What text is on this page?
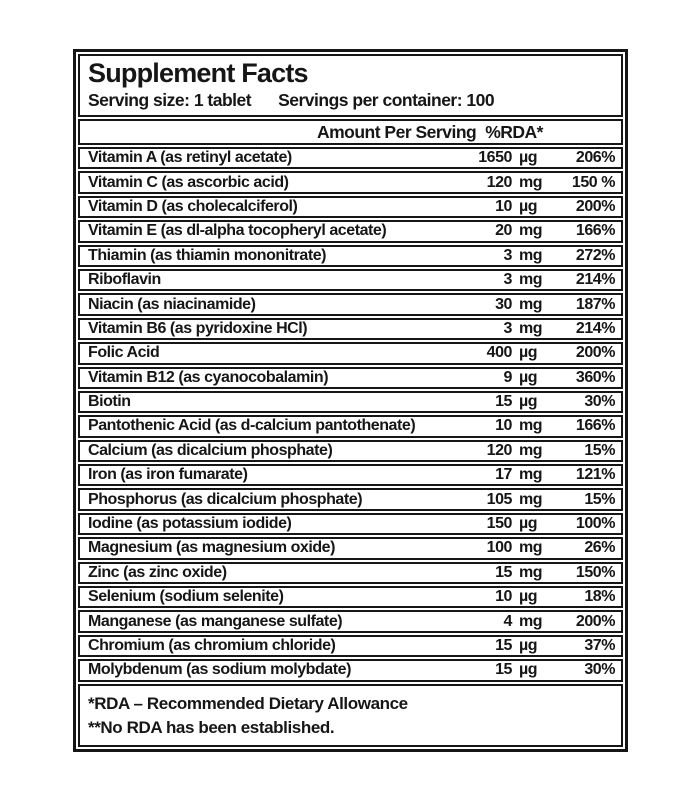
Supplement Facts
Serving size: 1 tablet Servings per container: 100
Amount Per Serving %RDA*
Vitamin A (as retinyl acetate)	1650 µg	206%
Vitamin C (as ascorbic acid)	120 mg	150 %
Vitamin D (as cholecalciferol)	10 µg	200%
Vitamin E (as dl-alpha tocopheryl acetate)	20 mg	166%
Thiamin (as thiamin mononitrate)	3 mg	272%
Riboflavin	3 mg	214%
Niacin (as niacinamide)	30 mg	187%
Vitamin B6 (as pyridoxine HCl)	3 mg	214%
Folic Acid	400 µg	200%
Vitamin B12 (as cyanocobalamin)	9 µg	360%
Biotin	15 µg	30%
Pantothenic Acid (as d-calcium pantothenate)	10 mg	166%
Calcium (as dicalcium phosphate)	120 mg	15%
Iron (as iron fumarate)	17 mg	121%
Phosphorus (as dicalcium phosphate)	105 mg	15%
Iodine (as potassium iodide)	150 µg	100%
Magnesium (as magnesium oxide)	100 mg	26%
Zinc (as zinc oxide)	15 mg	150%
Selenium (sodium selenite)	10 µg	18%
Manganese (as manganese sulfate)	4 mg	200%
Chromium (as chromium chloride)	15 µg	37%
Molybdenum (as sodium molybdate)	15 µg	30%
*RDA – Recommended Dietary Allowance
**No RDA has been established.
